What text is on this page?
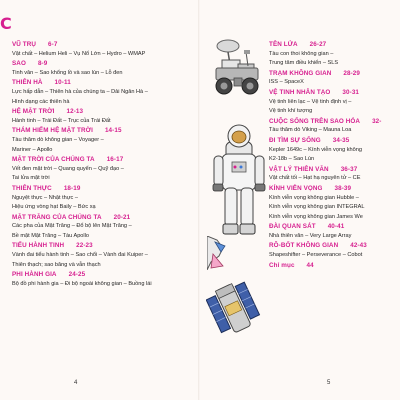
C
VŨ TRỤ 6-7
Vật chất – Helium Heli – Vụ Nổ Lớn – Hydro – WMAP
SAO 8-9
Tinh vân – Sao khổng lồ và sao lùn – Lỗ đen
THIÊN HÀ 10-11
Lực hấp dẫn – Thiên hà của chúng ta – Dải Ngân Hà –
Hình dạng các thiên hà
HỆ MẶT TRỜI 12-13
Hành tinh – Trái Đất – Trục của Trái Đất
THÁM HIỂM HỆ MẶT TRỜI 14-15
Tàu thăm dò không gian – Voyager –
Mariner – Apollo
MẶT TRỜI CỦA CHÚNG TA 16-17
Vết đen mặt trời – Quang quyển – Quỹ đạo –
Tai lửa mặt trời
THIÊN THỰC 18-19
Nguyệt thực – Nhật thực –
Hiệu ứng vòng hạt Baily – Bức xạ
MẶT TRĂNG CỦA CHÚNG TA 20-21
Các pha của Mặt Trăng – Đổ bộ lên Mặt Trăng –
Bề mặt Mặt Trăng – Tàu Apollo
TIỂU HÀNH TINH 22-23
Vành đai tiểu hành tinh – Sao chổi – Vành đai Kuiper –
Thiên thạch; sao băng và vẫn thạch
PHI HÀNH GIA 24-25
Bộ đồ phi hành gia – Đi bộ ngoài không gian – Buồng lái
TÊN LỬA 26-27
Tàu con thoi không gian –
Trung tâm điều khiển – SLS
TRẠM KHÔNG GIAN 28-29
ISS – SpaceX
VỆ TINH NHÂN TẠO 30-31
Vệ tinh liên lạc – Vệ tinh định vị –
Vệ tinh khí tượng
CUỘC SỐNG TRÊN SAO HỎA 32-
Tàu thăm dò Viking – Mauna Loa
ĐI TÌM SỰ SỐNG 34-35
Kepler 1649c – Kính viễn vọng không
K2-18b – Sao Lùn
VẬT LÝ THIÊN VĂN 36-37
Vật chất tối – Hạt hạ nguyên tử – CE
KÍNH VIỄN VỌNG 38-39
Kính viễn vọng không gian Hubble –
Kính viễn vọng không gian INTEGRAL
Kính viễn vọng không gian James We
ĐÀI QUAN SÁT 40-41
Nhà thiên văn – Very Large Array
RÔ-BỐT KHÔNG GIAN 42-43
Shapeshifter – Perseverance – Cobot
Chỉ mục 44
4	5
